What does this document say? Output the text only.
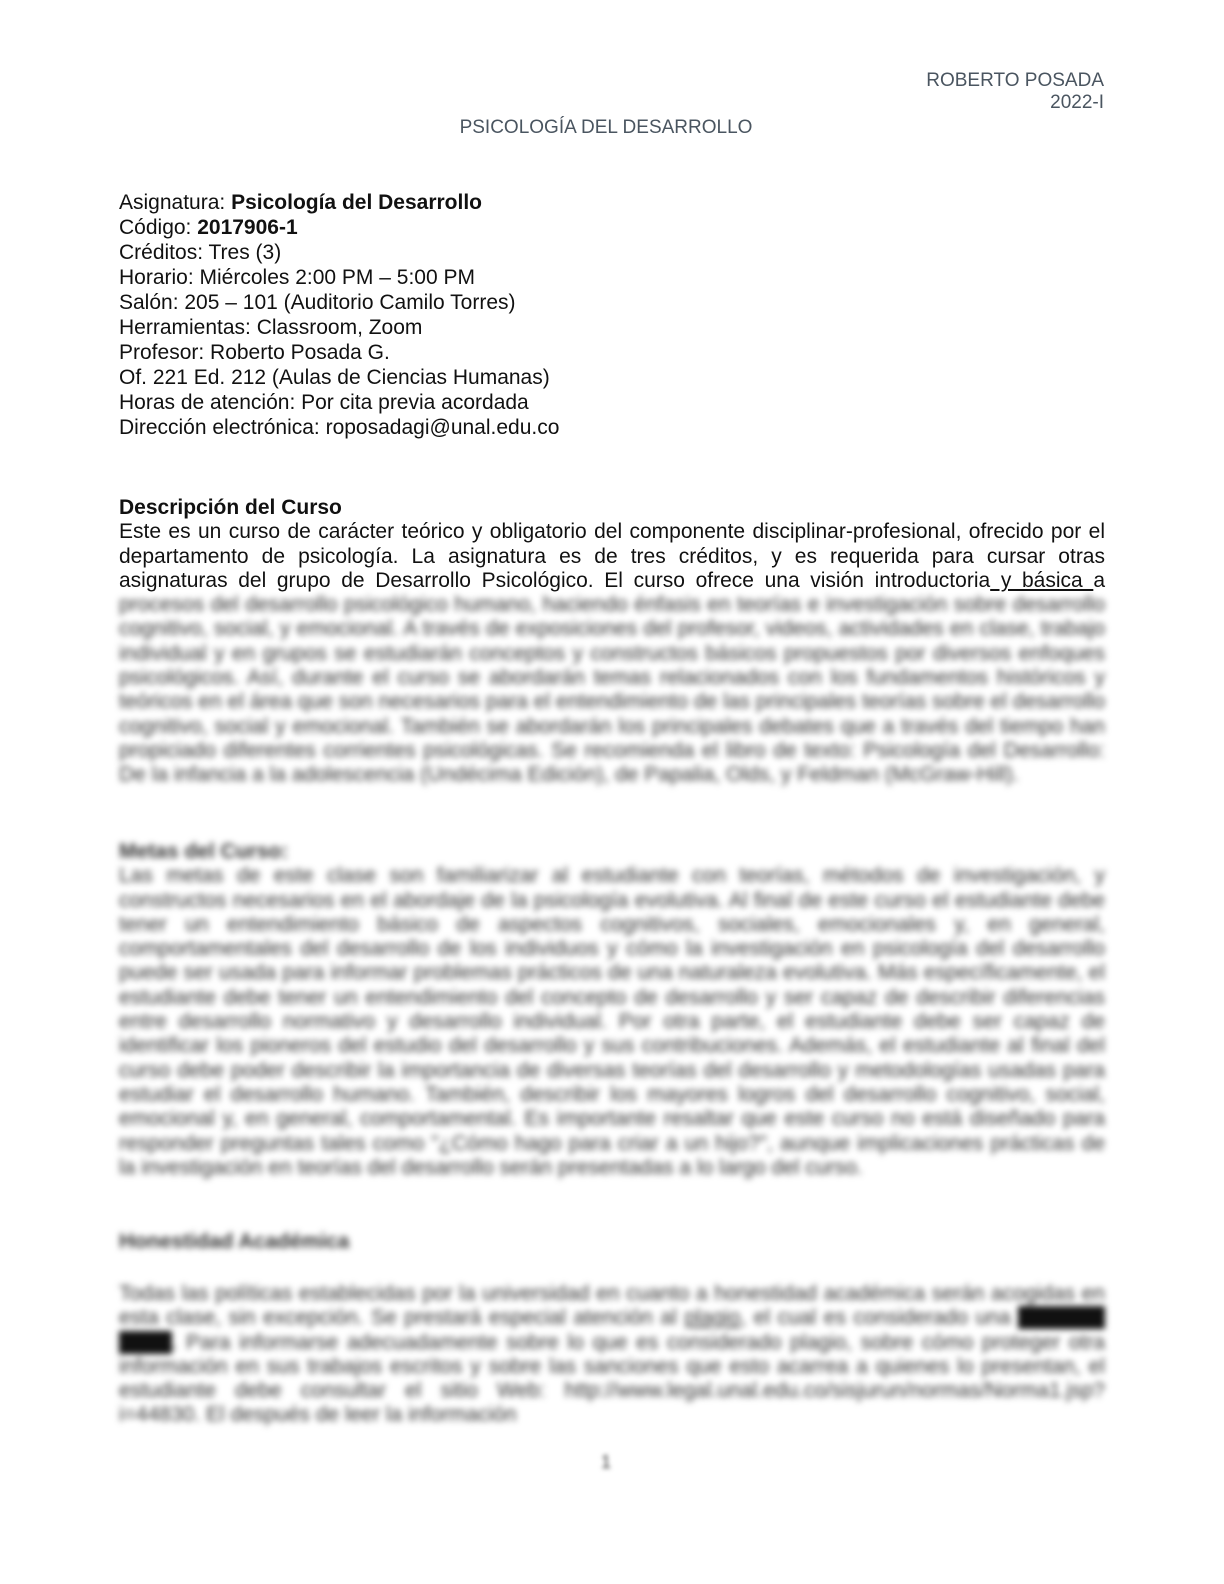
ROBERTO POSADA
2022-I
PSICOLOGÍA DEL DESARROLLO
Asignatura: Psicología del Desarrollo
Código: 2017906-1
Créditos: Tres (3)
Horario: Miércoles 2:00 PM – 5:00 PM
Salón: 205 – 101 (Auditorio Camilo Torres)
Herramientas: Classroom, Zoom
Profesor: Roberto Posada G.
Of. 221 Ed. 212 (Aulas de Ciencias Humanas)
Horas de atención: Por cita previa acordada
Dirección electrónica: roposadagi@unal.edu.co
Descripción del Curso
Este es un curso de carácter teórico y obligatorio del componente disciplinar-profesional, ofrecido por el departamento de psicología. La asignatura es de tres créditos, y es requerida para cursar otras asignaturas del grupo de Desarrollo Psicológico. El curso ofrece una visión introductoria y básica a procesos del desarrollo psicológico humano, haciendo énfasis en teorías e investigación sobre desarrollo cognitivo, social, y emocional. A través de exposiciones del profesor, videos, actividades en clase, trabajo individual y en grupos se estudiarán conceptos y constructos básicos propuestos por diversos enfoques psicológicos. Así, durante el curso se abordarán temas relacionados con los fundamentos históricos y teóricos en el área que son necesarios para el entendimiento de las principales teorías sobre el desarrollo cognitivo, social y emocional. También se abordarán los principales debates que a través del tiempo han propiciado diferentes corrientes psicológicas. Se recomienda el libro de texto: Psicología del Desarrollo: De la infancia a la adolescencia (Undécima Edición), de Papalia, Olds, y Feldman (McGraw-Hill).
Metas del Curso:
Las metas de este clase son familiarizar al estudiante con teorías, métodos de investigación, y constructos necesarios en el abordaje de la psicología evolutiva. Al final de este curso el estudiante debe tener un entendimiento básico de aspectos cognitivos, sociales, emocionales y, en general, comportamentales del desarrollo de los individuos y cómo la investigación en psicología del desarrollo puede ser usada para informar problemas prácticos de una naturaleza evolutiva. Más específicamente, el estudiante debe tener un entendimiento del concepto de desarrollo y ser capaz de describir diferencias entre desarrollo normativo y desarrollo individual. Por otra parte, el estudiante debe ser capaz de identificar los pioneros del estudio del desarrollo y sus contribuciones. Además, el estudiante al final del curso debe poder describir la importancia de diversas teorías del desarrollo y metodologías usadas para estudiar el desarrollo humano. También, describir los mayores logros del desarrollo cognitivo, social, emocional y, en general, comportamental. Es importante resaltar que este curso no está diseñado para responder preguntas tales como "¿Cómo hago para criar a un hijo?", aunque implicaciones prácticas de la investigación en teorías del desarrollo serán presentadas a lo largo del curso.
Honestidad Académica
Todas las políticas establecidas por la universidad en cuanto a honestidad académica serán acogidas en esta clase, sin excepción. Se prestará especial atención al plagio, el cual es considerado una falta muy grave. Para informarse adecuadamente sobre lo que es considerado plagio, sobre cómo proteger otra información en sus trabajos escritos y sobre las sanciones que esto acarrea a quienes lo presentan, el estudiante debe consultar el sitio Web: http://www.legal.unal.edu.co/sisjurun/normas/Norma1.jsp?i=44830. El después de leer la información
1
